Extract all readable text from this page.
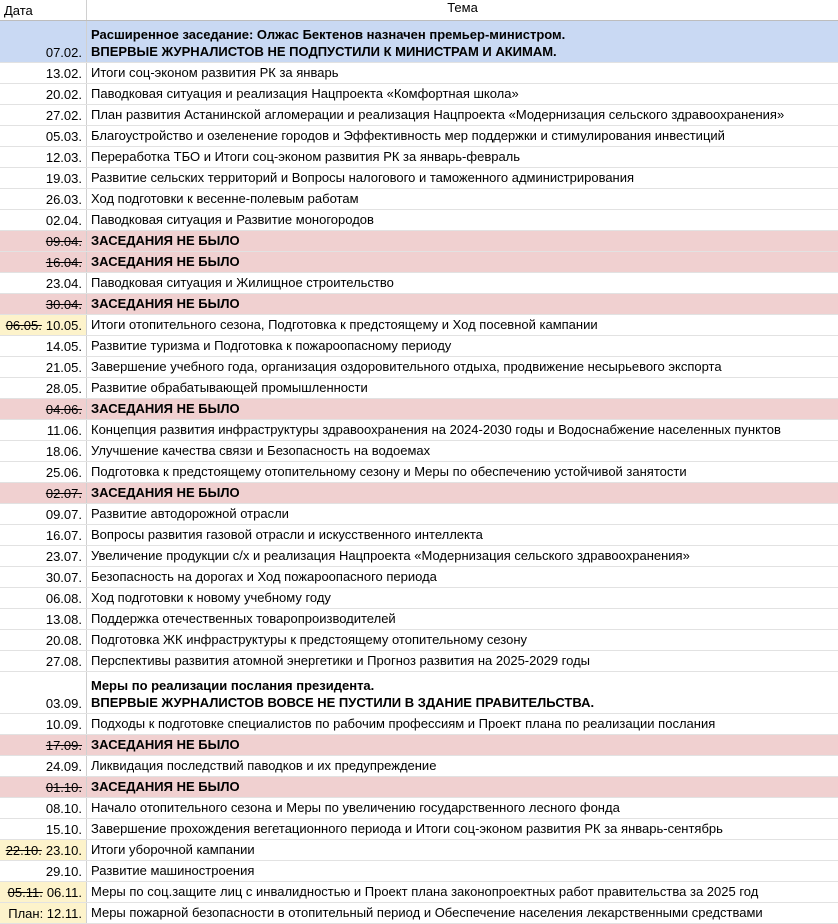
Дата	Тема
07.02.
Расширенное заседание: Олжас Бектенов назначен премьер-министром.
ВПЕРВЫЕ ЖУРНАЛИСТОВ НЕ ПОДПУСТИЛИ К МИНИСТРАМ И АКИМАМ.
13.02. Итоги соц-эконом развития РК за январь
20.02. Паводковая ситуация и реализация Нацпроекта «Комфортная школа»
27.02. План развития Астанинской агломерации и реализация Нацпроекта «Модернизация сельского здравоохранения»
05.03. Благоустройство и озеленение городов и Эффективность мер поддержки и стимулирования инвестиций
12.03. Переработка ТБО и Итоги соц-эконом развития РК за январь-февраль
19.03. Развитие сельских территорий и Вопросы налогового и таможенного администрирования
26.03. Ход подготовки к весенне-полевым работам
02.04. Паводковая ситуация и Развитие моногородов
09.04. ЗАСЕДАНИЯ НЕ БЫЛО
16.04. ЗАСЕДАНИЯ НЕ БЫЛО
23.04. Паводковая ситуация и Жилищное строительство
30.04. ЗАСЕДАНИЯ НЕ БЫЛО
06.05. 10.05. Итоги отопительного сезона, Подготовка к предстоящему и Ход посевной кампании
14.05. Развитие туризма и Подготовка к пожароопасному периоду
21.05. Завершение учебного года, организация оздоровительного отдыха, продвижение несырьевого экспорта
28.05. Развитие обрабатывающей промышленности
04.06. ЗАСЕДАНИЯ НЕ БЫЛО
11.06. Концепция развития инфраструктуры здравоохранения на 2024-2030 годы и Водоснабжение населенных пунктов
18.06. Улучшение качества связи и Безопасность на водоемах
25.06. Подготовка к предстоящему отопительному сезону и Меры по обеспечению устойчивой занятости
02.07. ЗАСЕДАНИЯ НЕ БЫЛО
09.07. Развитие автодорожной отрасли
16.07. Вопросы развития газовой отрасли и искусственного интеллекта
23.07. Увеличение продукции с/х и реализация Нацпроекта «Модернизация сельского здравоохранения»
30.07. Безопасность на дорогах и Ход пожароопасного периода
06.08. Ход подготовки к новому учебному году
13.08. Поддержка отечественных товаропроизводителей
20.08. Подготовка ЖК инфраструктуры к предстоящему отопительному сезону
27.08. Перспективы развития атомной энергетики и Прогноз развития на 2025-2029 годы
03.09.
Меры по реализации послания президента.
ВПЕРВЫЕ ЖУРНАЛИСТОВ ВОВСЕ НЕ ПУСТИЛИ В ЗДАНИЕ ПРАВИТЕЛЬСТВА.
10.09. Подходы к подготовке специалистов по рабочим профессиям и Проект плана по реализации послания
17.09. ЗАСЕДАНИЯ НЕ БЫЛО
24.09. Ликвидация последствий паводков и их предупреждение
01.10. ЗАСЕДАНИЯ НЕ БЫЛО
08.10. Начало отопительного сезона и Меры по увеличению государственного лесного фонда
15.10. Завершение прохождения вегетационного периода и Итоги соц-эконом развития РК за январь-сентябрь
22.10. 23.10. Итоги уборочной кампании
29.10. Развитие машиностроения
05.11. 06.11. Меры по соц.защите лиц с инвалидностью и Проект плана законопроектных работ правительства за 2025 год
План: 12.11. Меры пожарной безопасности в отопительный период и Обеспечение населения лекарственными средствами
